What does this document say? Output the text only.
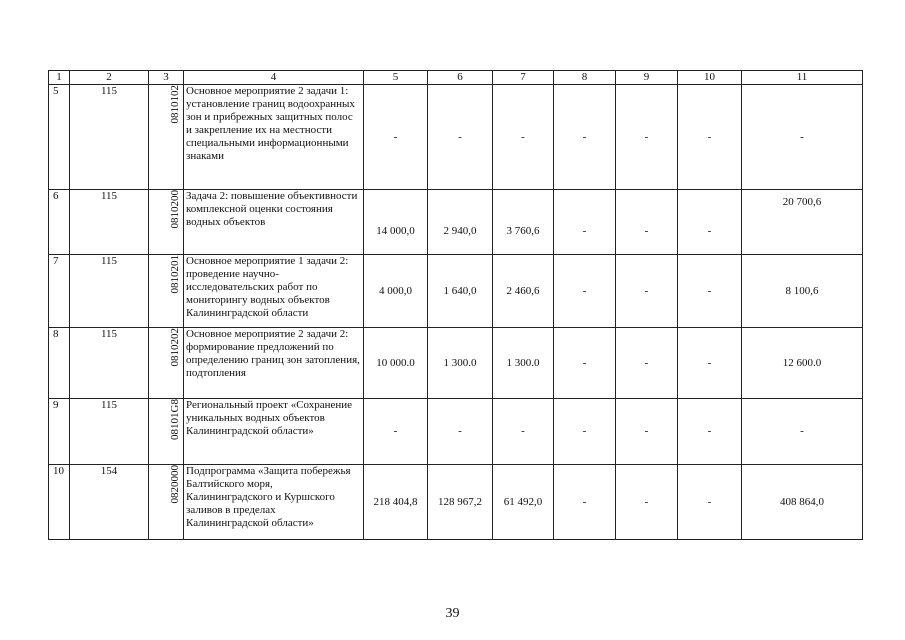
1	2	3	4	5	6	7	8	9	10	11
5	115	0810102	Основное мероприятие 2 задачи 1: установление границ водоохранных зон и прибрежных защитных полос и закрепление их на местности специальными информационными знаками	-	-	-	-	-	-	-
6	115	0810200	Задача 2: повышение объективности комплексной оценки состояния водных объектов	14 000,0	2 940,0	3 760,6	-	-	-	20 700,6
7	115	0810201	Основное мероприятие 1 задачи 2: проведение научно-исследовательских работ по мониторингу водных объектов Калининградской области	4 000,0	1 640,0	2 460,6	-	-	-	8 100,6
8	115	0810202	Основное мероприятие 2 задачи 2: формирование предложений по определению границ зон затопления, подтопления	10 000.0	1 300.0	1 300.0	-	-	-	12 600.0
9	115	08101G8	Региональный проект «Сохранение уникальных водных объектов Калининградской области»	-	-	-	-	-	-	-
10	154	0820000	Подпрограмма «Защита побережья Балтийского моря, Калининградского и Куршского заливов в пределах Калининградской области»	218 404,8	128 967,2	61 492,0	-	-	-	408 864,0
39
